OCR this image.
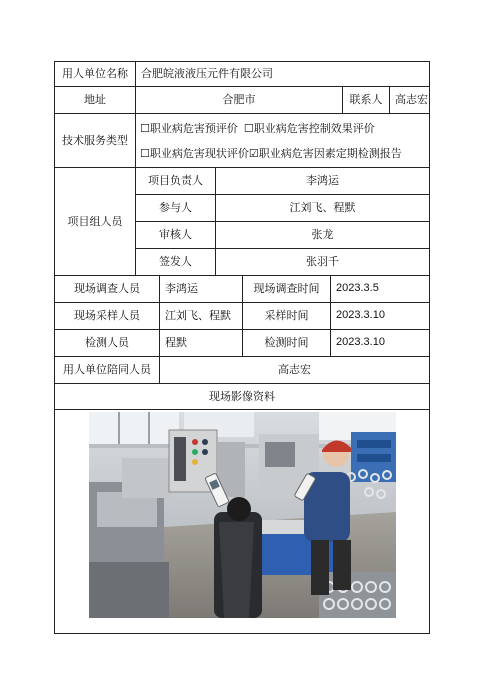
用人单位名称	合肥皖液液压元件有限公司
地址	合肥市	联系人	高志宏
技术服务类型
☐职业病危害预评价 ☐职业病危害控制效果评价
☐职业病危害现状评价 ☑职业病危害因素定期检测报告
项目组人员
项目负责人	李鸿运
参与人	江刘飞、程默
审核人	张龙
签发人	张羽千
现场调查人员	李鸿运	现场调查时间	2023.3.5
现场采样人员	江刘飞、程默	采样时间	2023.3.10
检测人员	程默	检测时间	2023.3.10
用人单位陪同人员	高志宏
现场影像资料
